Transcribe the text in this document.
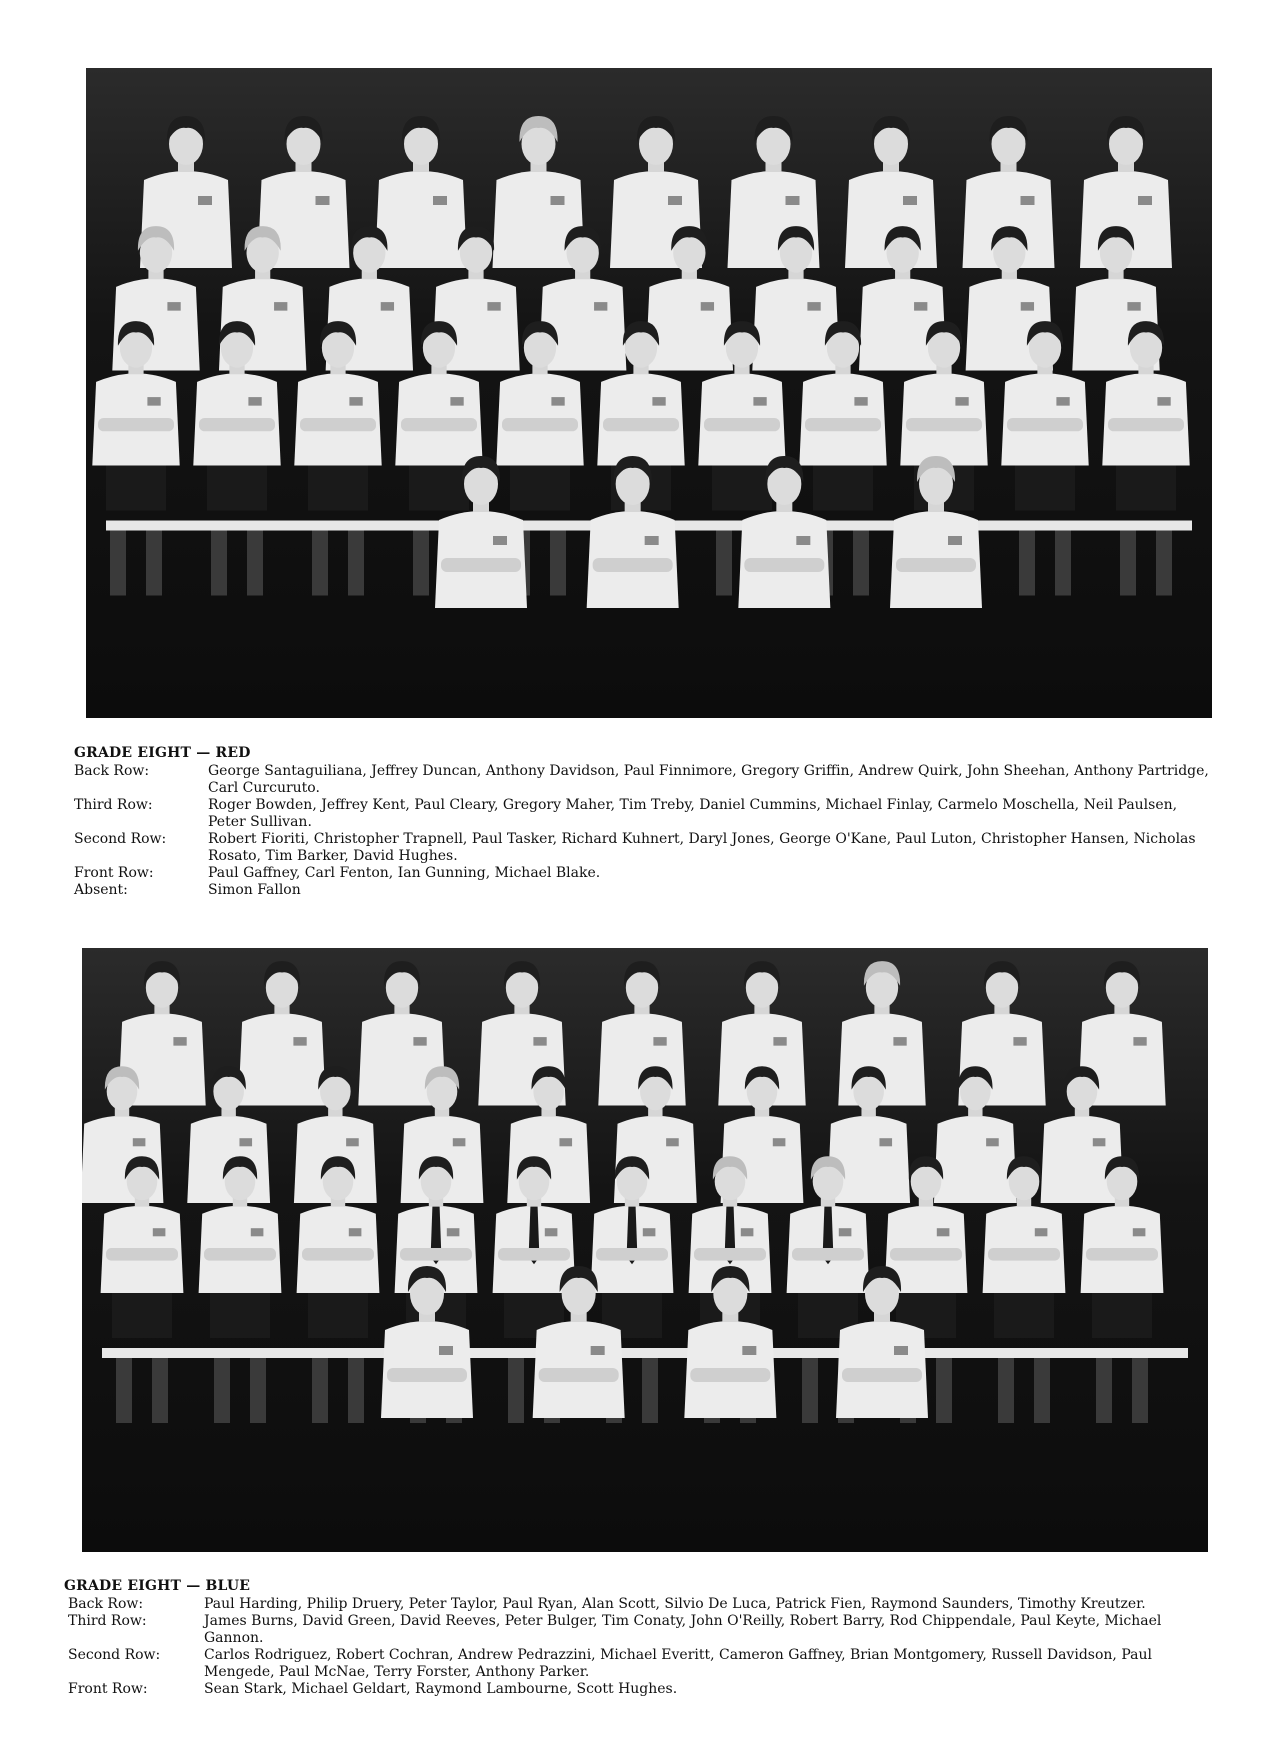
GRADE EIGHT — RED
Back Row:	George Santaguiliana, Jeffrey Duncan, Anthony Davidson, Paul Finnimore, Gregory Griffin, Andrew Quirk, John Sheehan, Anthony Partridge, Carl Curcuruto.
Third Row:	Roger Bowden, Jeffrey Kent, Paul Cleary, Gregory Maher, Tim Treby, Daniel Cummins, Michael Finlay, Carmelo Moschella, Neil Paulsen, Peter Sullivan.
Second Row:	Robert Fioriti, Christopher Trapnell, Paul Tasker, Richard Kuhnert, Daryl Jones, George O'Kane, Paul Luton, Christopher Hansen, Nicholas Rosato, Tim Barker, David Hughes.
Front Row:	Paul Gaffney, Carl Fenton, Ian Gunning, Michael Blake.
Absent:	Simon Fallon
GRADE EIGHT — BLUE
Back Row:	Paul Harding, Philip Druery, Peter Taylor, Paul Ryan, Alan Scott, Silvio De Luca, Patrick Fien, Raymond Saunders, Timothy Kreutzer.
Third Row:	James Burns, David Green, David Reeves, Peter Bulger, Tim Conaty, John O'Reilly, Robert Barry, Rod Chippendale, Paul Keyte, Michael Gannon.
Second Row:	Carlos Rodriguez, Robert Cochran, Andrew Pedrazzini, Michael Everitt, Cameron Gaffney, Brian Montgomery, Russell Davidson, Paul Mengede, Paul McNae, Terry Forster, Anthony Parker.
Front Row:	Sean Stark, Michael Geldart, Raymond Lambourne, Scott Hughes.
